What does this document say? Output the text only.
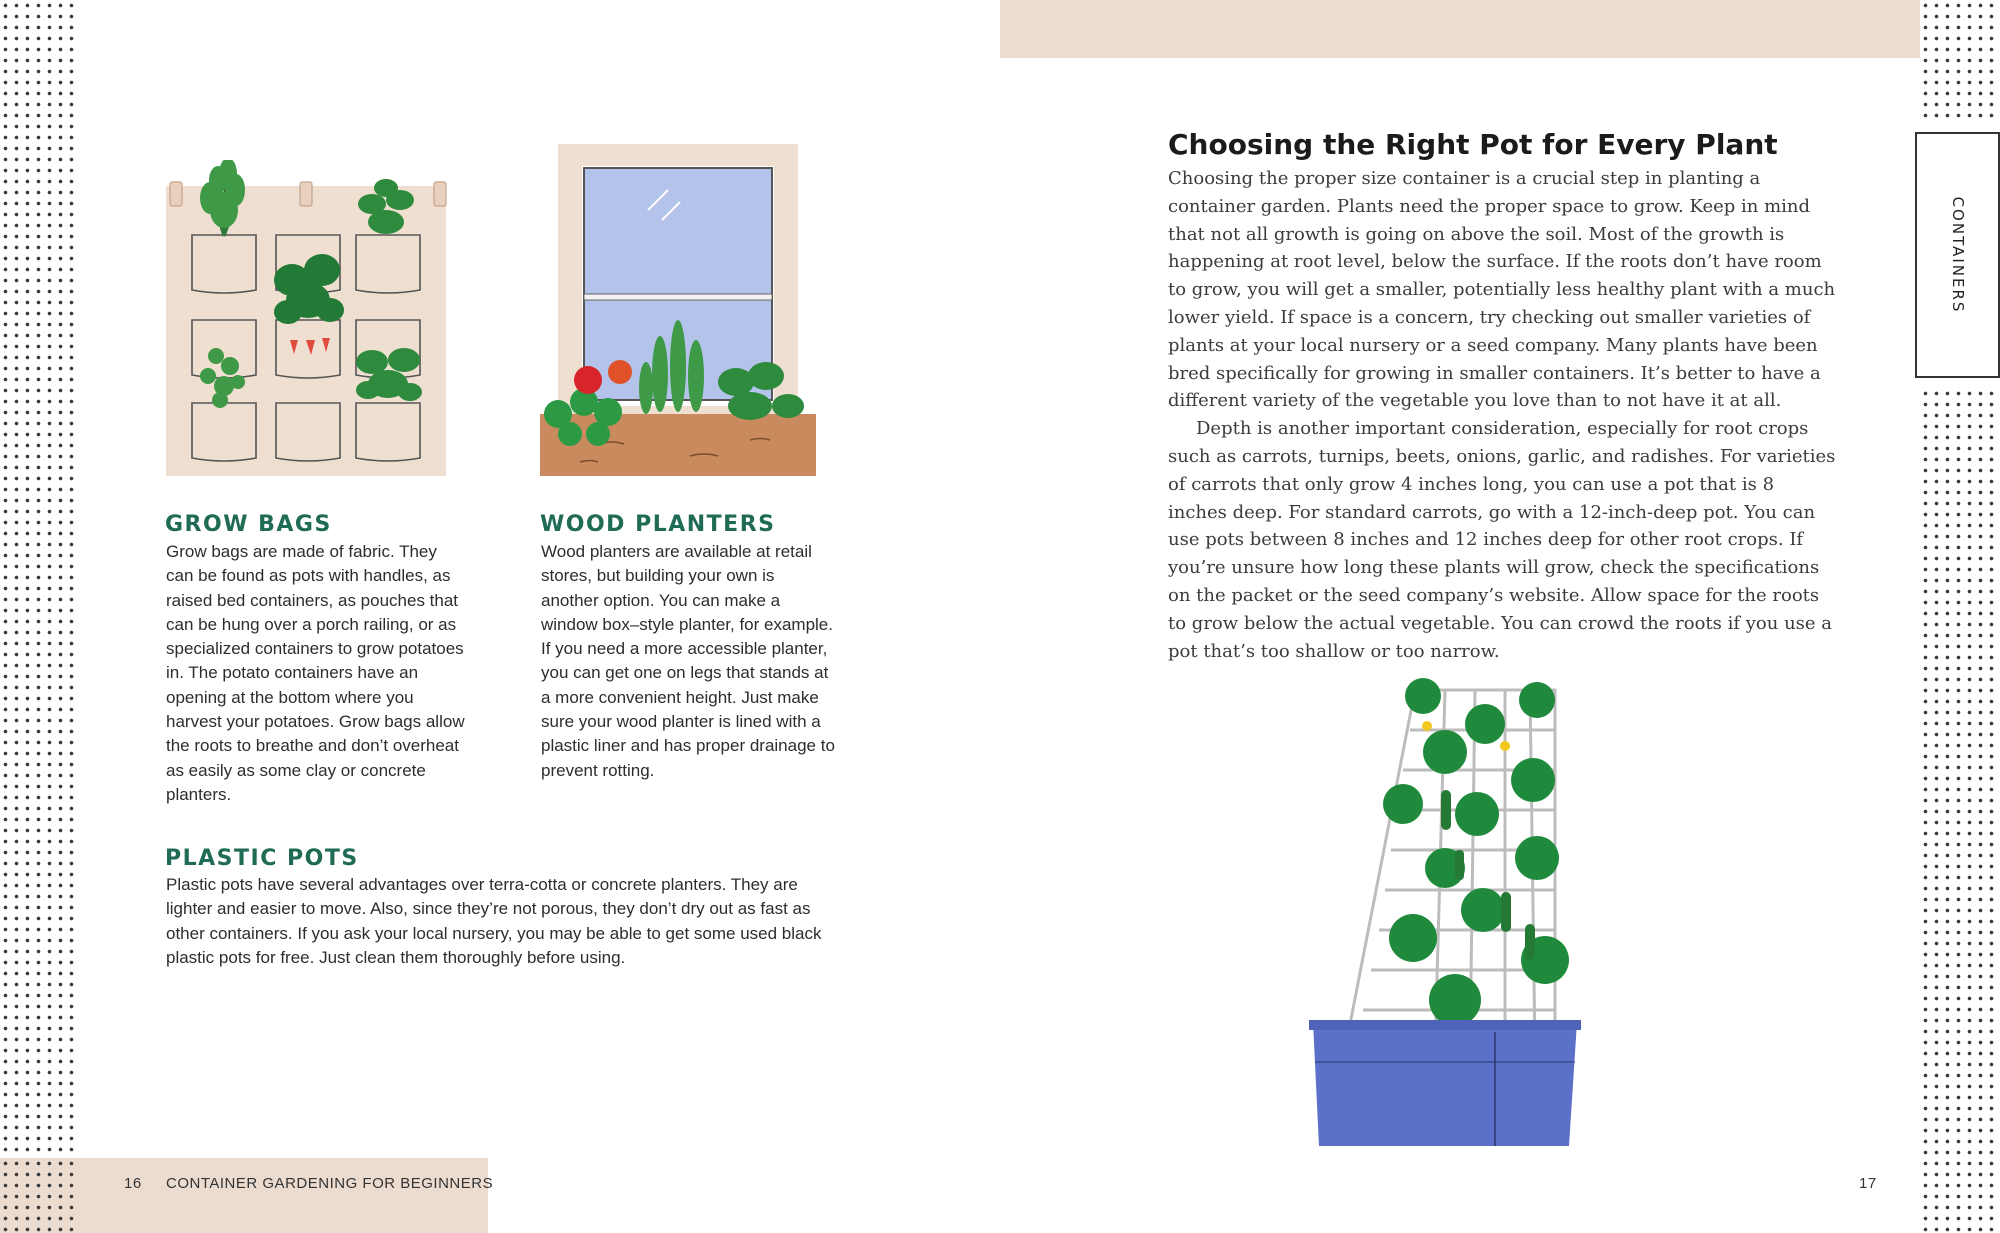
CONTAINERS
GROW BAGS
Grow bags are made of fabric. They can be found as pots with handles, as raised bed containers, as pouches that can be hung over a porch railing, or as specialized containers to grow potatoes in. The potato containers have an opening at the bottom where you harvest your potatoes. Grow bags allow the roots to breathe and don’t overheat as easily as some clay or concrete planters.
WOOD PLANTERS
Wood planters are available at retail stores, but building your own is another option. You can make a window box–style planter, for example. If you need a more accessible planter, you can get one on legs that stands at a more convenient height. Just make sure your wood planter is lined with a plastic liner and has proper drainage to prevent rotting.
PLASTIC POTS
Plastic pots have several advantages over terra-cotta or concrete planters. They are lighter and easier to move. Also, since they’re not porous, they don’t dry out as fast as other containers. If you ask your local nursery, you may be able to get some used black plastic pots for free. Just clean them thoroughly before using.
16 CONTAINER GARDENING FOR BEGINNERS
Choosing the Right Pot for Every Plant

Choosing the proper size container is a crucial step in planting a container garden. Plants need the proper space to grow. Keep in mind that not all growth is going on above the soil. Most of the growth is happening at root level, below the surface. If the roots don’t have room to grow, you will get a smaller, potentially less healthy plant with a much lower yield. If space is a concern, try checking out smaller varieties of plants at your local nursery or a seed company. Many plants have been bred specifically for growing in smaller containers. It’s better to have a different variety of the vegetable you love than to not have it at all.

Depth is another important consideration, especially for root crops such as carrots, turnips, beets, onions, garlic, and radishes. For varieties of carrots that only grow 4 inches long, you can use a pot that is 8 inches deep. For standard carrots, go with a 12-inch-deep pot. You can use pots between 8 inches and 12 inches deep for other root crops. If you’re unsure how long these plants will grow, check the specifications on the packet or the seed company’s website. Allow space for the roots to grow below the actual vegetable. You can crowd the roots if you use a pot that’s too shallow or too narrow.

17
